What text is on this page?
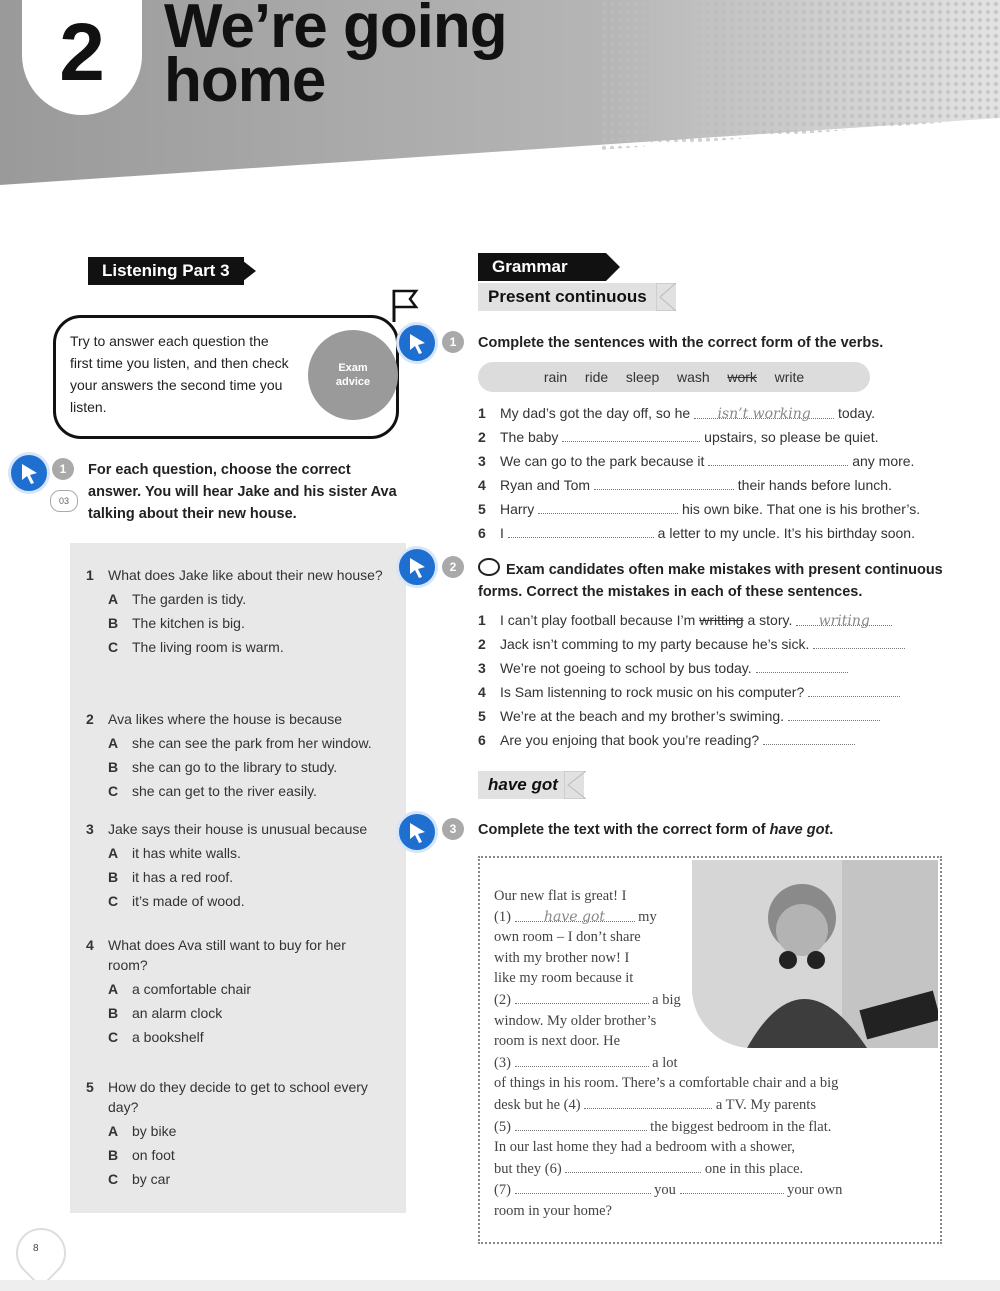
2 We’re going
home
Listening Part 3
Try to answer each question the first time you listen, and then check your answers the second time you listen.
Exam
advice
1
03
For each question, choose the correct answer. You will hear Jake and his sister Ava talking about their new house.
1 What does Jake like about their new house?
A The garden is tidy.
B The kitchen is big.
C The living room is warm.
2 Ava likes where the house is because
A she can see the park from her window.
B she can go to the library to study.
C she can get to the river easily.
3 Jake says their house is unusual because
A it has white walls.
B it has a red roof.
C it’s made of wood.
4 What does Ava still want to buy for her room?
A a comfortable chair
B an alarm clock
C a bookshelf
5 How do they decide to get to school every day?
A by bike
B on foot
C by car
Grammar
Present continuous
1	Complete the sentences with the correct form of the verbs.
rain ride sleep wash work write
1 My dad’s got the day off, so he isn’t working today.
2 The baby	upstairs, so please be quiet.
3 We can go to the park because it	any more.
4 Ryan and Tom	their hands before lunch.
5 Harry	his own bike. That one is his brother’s.
6 I	a letter to my uncle. It’s his birthday soon.
2	Exam candidates often make mistakes with present continuous
forms. Correct the mistakes in each of these sentences.
1 I can’t play football because I’m writting a story. writing
2 Jack isn’t comming to my party because he’s sick.
3 We’re not goeing to school by bus today.
4 Is Sam listenning to rock music on his computer?
5 We’re at the beach and my brother’s swiming.
6 Are you enjoing that book you’re reading?
have got
3	Complete the text with the correct form of have got.
Our new flat is great! I
(1) have got my
own room – I don’t share
with my brother now! I
like my room because it
(2)	a big
window. My older brother’s
room is next door. He
(3)	a lot
of things in his room. There’s a comfortable chair and a big
desk but he (4)	a TV. My parents
(5)	the biggest bedroom in the flat.
In our last home they had a bedroom with a shower,
but they (6)	one in this place.
(7)	you	your own
room in your home?
8
